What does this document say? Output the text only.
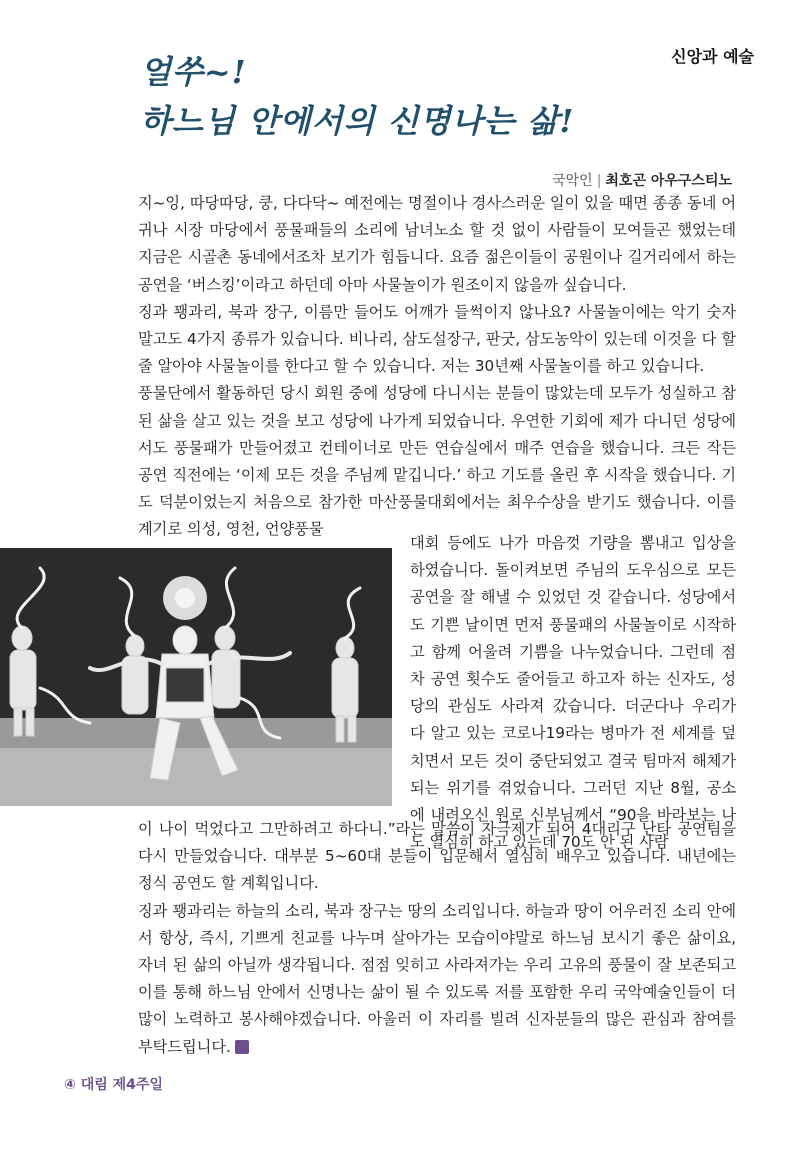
신앙과 예술
얼쑤~!
하느님 안에서의 신명나는 삶!
국악인 | 최호곤 아우구스티노

지~잉, 따당따당, 쿵, 다다닥~ 예전에는 명절이나 경사스러운 일이 있을 때면 종종 동네 어귀나 시장 마당에서 풍물패들의 소리에 남녀노소 할 것 없이 사람들이 모여들곤 했었는데 지금은 시골촌 동네에서조차 보기가 힘듭니다. 요즘 젊은이들이 공원이나 길거리에서 하는 공연을 ‘버스킹’이라고 하던데 아마 사물놀이가 원조이지 않을까 싶습니다.

징과 꽹과리, 북과 장구, 이름만 들어도 어깨가 들썩이지 않나요? 사물놀이에는 악기 숫자 말고도 4가지 종류가 있습니다. 비나리, 삼도설장구, 판굿, 삼도농악이 있는데 이것을 다 할 줄 알아야 사물놀이를 한다고 할 수 있습니다. 저는 30년째 사물놀이를 하고 있습니다.

풍물단에서 활동하던 당시 회원 중에 성당에 다니시는 분들이 많았는데 모두가 성실하고 참된 삶을 살고 있는 것을 보고 성당에 나가게 되었습니다. 우연한 기회에 제가 다니던 성당에서도 풍물패가 만들어졌고 컨테이너로 만든 연습실에서 매주 연습을 했습니다. 크든 작든 공연 직전에는 ‘이제 모든 것을 주님께 맡깁니다.’ 하고 기도를 올린 후 시작을 했습니다. 기도 덕분이었는지 처음으로 참가한 마산풍물대회에서는 최우수상을 받기도 했습니다. 이를 계기로 의성, 영천, 언양풍물

대회 등에도 나가 마음껏 기량을 뽐내고 입상을 하였습니다. 돌이켜보면 주님의 도우심으로 모든 공연을 잘 해낼 수 있었던 것 같습니다. 성당에서도 기쁜 날이면 먼저 풍물패의 사물놀이로 시작하고 함께 어울려 기쁨을 나누었습니다. 그런데 점차 공연 횟수도 줄어들고 하고자 하는 신자도, 성당의 관심도 사라져 갔습니다. 더군다나 우리가 다 알고 있는 코로나19라는 병마가 전 세계를 덮치면서 모든 것이 중단되었고 결국 팀마저 해체가 되는 위기를 겪었습니다. 그러던 지난 8월, 공소에 내려오신 원로 신부님께서 “90을 바라보는 나도 열심히 하고 있는데 70도 안 된 사람

이 나이 먹었다고 그만하려고 하다니.”라는 말씀이 자극제가 되어 4대리구 난타 공연팀을 다시 만들었습니다. 대부분 5~60대 분들이 입문해서 열심히 배우고 있습니다. 내년에는 정식 공연도 할 계획입니다.

징과 꽹과리는 하늘의 소리, 북과 장구는 땅의 소리입니다. 하늘과 땅이 어우러진 소리 안에서 항상, 즉시, 기쁘게 친교를 나누며 살아가는 모습이야말로 하느님 보시기 좋은 삶이요, 자녀 된 삶의 아닐까 생각됩니다. 점점 잊히고 사라져가는 우리 고유의 풍물이 잘 보존되고 이를 통해 하느님 안에서 신명나는 삶이 될 수 있도록 저를 포함한 우리 국악예술인들이 더 많이 노력하고 봉사해야겠습니다. 아울러 이 자리를 빌려 신자분들의 많은 관심과 참여를 부탁드립니다.

④ 대림 제4주일
